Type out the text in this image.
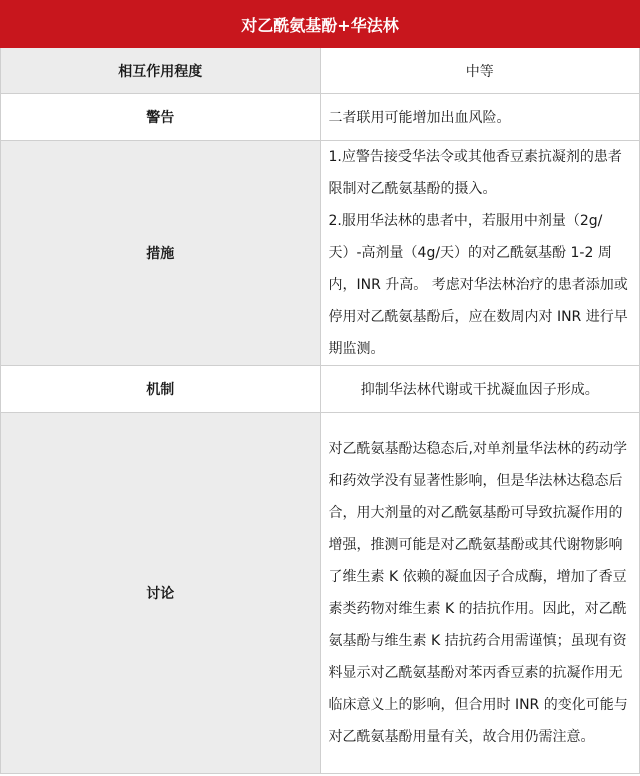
对乙酰氨基酚+华法林	
相互作用程度	中等
警告	二者联用可能增加出血风险。
措施	1.应警告接受华法令或其他香豆素抗凝剂的患者限制对乙酰氨基酚的摄入。

2.服用华法林的患者中，若服用中剂量（2g/天）-高剂量（4g/天）的对乙酰氨基酚 1-2 周内，INR 升高。 考虑对华法林治疗的患者添加或停用对乙酰氨基酚后，应在数周内对 INR 进行早期监测。

机制	抑制华法林代谢或干扰凝血因子形成。
讨论	对乙酰氨基酚达稳态后,对单剂量华法林的药动学和药效学没有显著性影响，但是华法林达稳态后合，用大剂量的对乙酰氨基酚可导致抗凝作用的增强，推测可能是对乙酰氨基酚或其代谢物影响了维生素 K 依赖的凝血因子合成酶，增加了香豆素类药物对维生素 K 的拮抗作用。因此，对乙酰氨基酚与维生素 K 拮抗药合用需谨慎；虽现有资料显示对乙酰氨基酚对苯丙香豆素的抗凝作用无临床意义上的影响，但合用时 INR 的变化可能与对乙酰氨基酚用量有关，故合用仍需注意。
